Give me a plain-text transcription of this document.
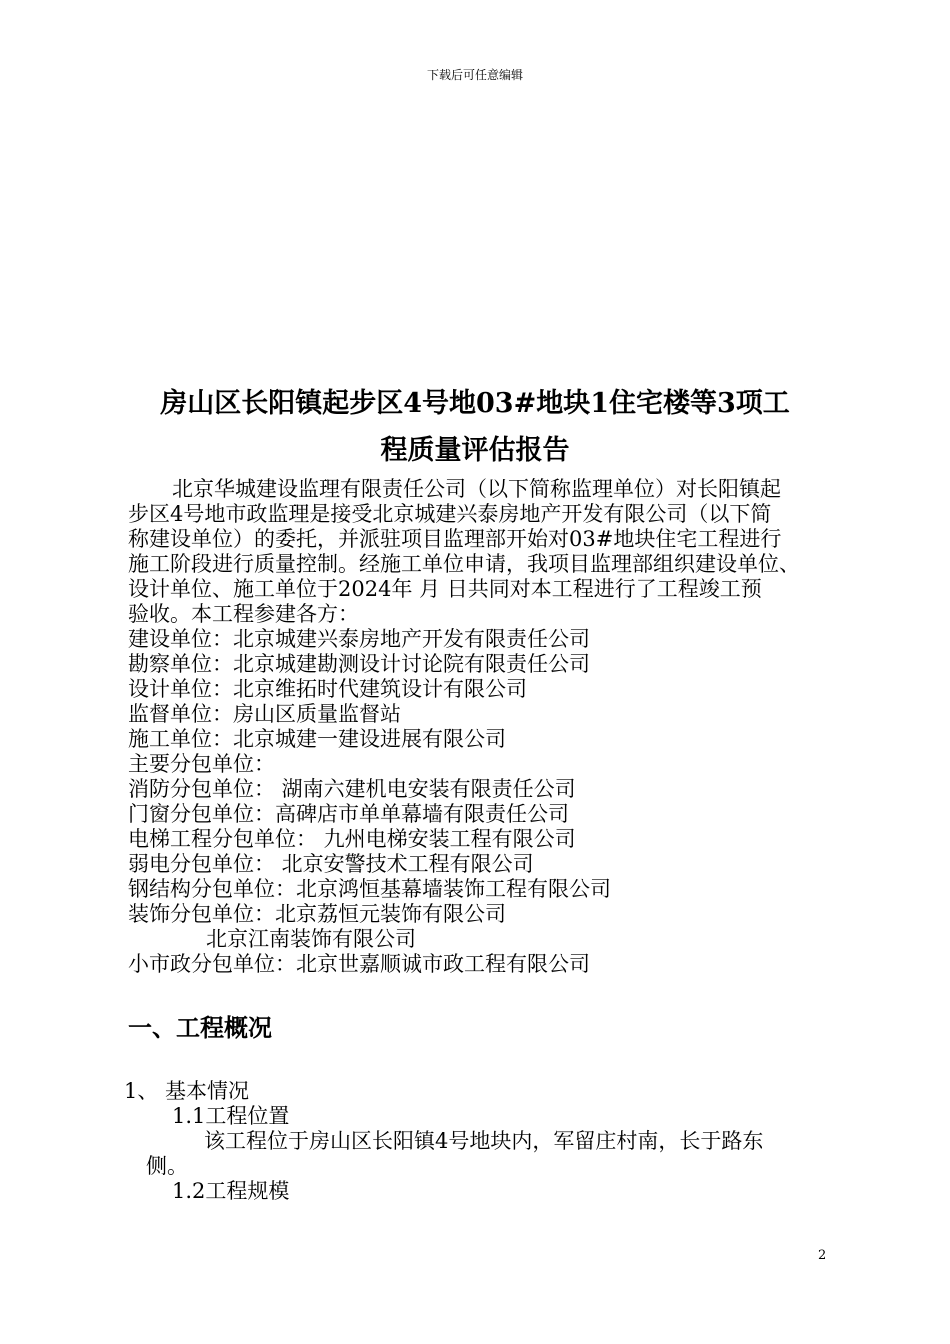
下载后可任意编辑
房山区长阳镇起步区4号地03#地块1住宅楼等3项工
程质量评估报告
北京华城建设监理有限责任公司（以下简称监理单位）对长阳镇起
步区4号地市政监理是接受北京城建兴泰房地产开发有限公司（以下简
称建设单位）的委托，并派驻项目监理部开始对03#地块住宅工程进行
施工阶段进行质量控制。经施工单位申请，我项目监理部组织建设单位、
设计单位、施工单位于2024年 月 日共同对本工程进行了工程竣工预
验收。本工程参建各方：
建设单位：北京城建兴泰房地产开发有限责任公司
勘察单位：北京城建勘测设计讨论院有限责任公司
设计单位：北京维拓时代建筑设计有限公司
监督单位：房山区质量监督站
施工单位：北京城建一建设进展有限公司
主要分包单位：
消防分包单位： 湖南六建机电安装有限责任公司
门窗分包单位：高碑店市单单幕墙有限责任公司
电梯工程分包单位： 九州电梯安装工程有限公司
弱电分包单位： 北京安警技术工程有限公司
钢结构分包单位：北京鸿恒基幕墙装饰工程有限公司
装饰分包单位：北京荔恒元装饰有限公司
北京江南装饰有限公司
小市政分包单位：北京世嘉顺诚市政工程有限公司
一、工程概况
1、 基本情况
1.1工程位置
该工程位于房山区长阳镇4号地块内，军留庄村南，长于路东
侧。
1.2工程规模
2
